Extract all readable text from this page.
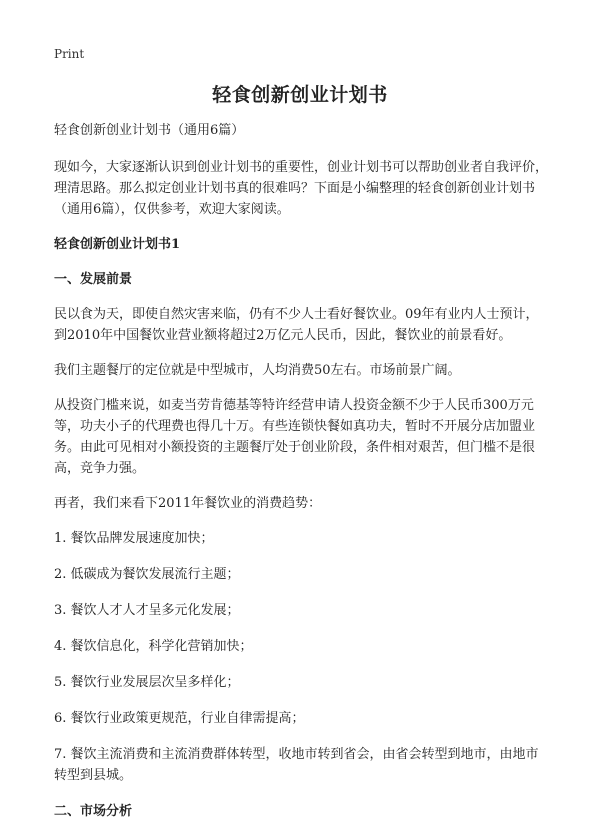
Print
轻食创新创业计划书

轻食创新创业计划书（通用6篇）

现如今，大家逐渐认识到创业计划书的重要性，创业计划书可以帮助创业者自我评价，理清思路。那么拟定创业计划书真的很难吗？下面是小编整理的轻食创新创业计划书（通用6篇），仅供参考，欢迎大家阅读。

轻食创新创业计划书1
一、发展前景

民以食为天，即使自然灾害来临，仍有不少人士看好餐饮业。09年有业内人士预计，到2010年中国餐饮业营业额将超过2万亿元人民币，因此，餐饮业的前景看好。

我们主题餐厅的定位就是中型城市，人均消费50左右。市场前景广阔。

从投资门槛来说，如麦当劳肯德基等特许经营申请人投资金额不少于人民币300万元等，功夫小子的代理费也得几十万。有些连锁快餐如真功夫，暂时不开展分店加盟业务。由此可见相对小额投资的主题餐厅处于创业阶段，条件相对艰苦，但门槛不是很高，竞争力强。

再者，我们来看下2011年餐饮业的消费趋势：

1. 餐饮品牌发展速度加快；

2. 低碳成为餐饮发展流行主题；

3. 餐饮人才人才呈多元化发展；

4. 餐饮信息化，科学化营销加快；

5. 餐饮行业发展层次呈多样化；

6. 餐饮行业政策更规范，行业自律需提高；

7. 餐饮主流消费和主流消费群体转型，收地市转到省会，由省会转型到地市，由地市转型到县城。

二、市场分析
